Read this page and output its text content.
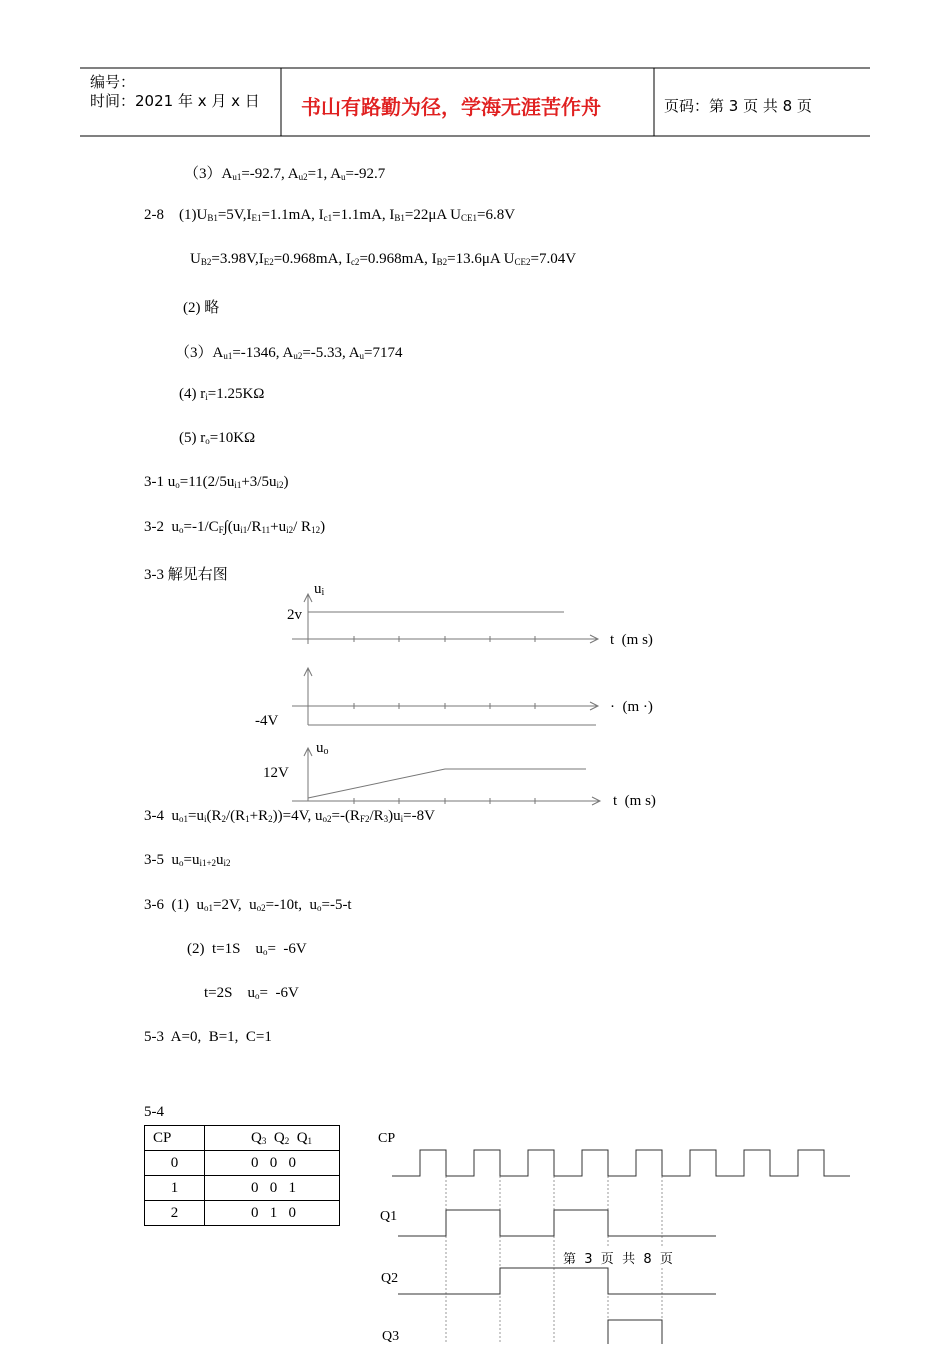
编号：
时间：2021 年 x 月 x 日 书山有路勤为径，学海无涯苦作舟	页码：第 3 页 共 8 页
$(3)A_{u1}=-92.7$, $A_{u2}=1$, $A_u=-92.7$
2-8    $(1)U_{B1}=5V,I_{E1}=1.1mA$, $I_{c1}=1.1mA$, $I_{B1}=22\mu A$ $U_{CE1}=6.8V$
$U_{B2}=3.98V,I_{E2}=0.968mA$, $I_{c2}=0.968mA$, $I_{B2}=13.6\mu A$ $U_{CE2}=7.04V$
(2) 略
$(3)A_{u1}=-1346$, $A_{u2}=-5.33$, $A_u=7174$
(4) $r_i=1.25K\Omega$
(5) $r_o=10K\Omega$
3-1 $u_o=11(2/5u_{i1}+3/5u_{i2})$
3-2  $u_o=-1/C_F\int(u_{i1}/R_{11}+u_{i2}/$ $R_{12}$)
3-3 解见右图
$u_i$
2v
t  (m s)
-4V
·  (m ·)
$u_o$
12V
t  (m s)
3-4  $u_{o1}=u_i(R_2/(R_1+R_2))=4V$, $u_{o2}=-(R_{F2}/R_3)u_i=-8V$
3-5  $u_o=u_{i1+2}u_{i2}$
3-6  (1)  $u_{o1}=2V$,  $u_{o2}=-10t$,  $u_o=-5-t$
(2)  t=1S    $u_o= -6V$
t=2S    $u_o= -6V$
5-3  A=0,  B=1,  C=1
5-4
CP	$Q_3$ $Q_2$ $Q_1$
0	0   0   0
1	0   0   1
2	0   1   0
CP
Q1
Q2
Q3
第  3  页  共  8  页
